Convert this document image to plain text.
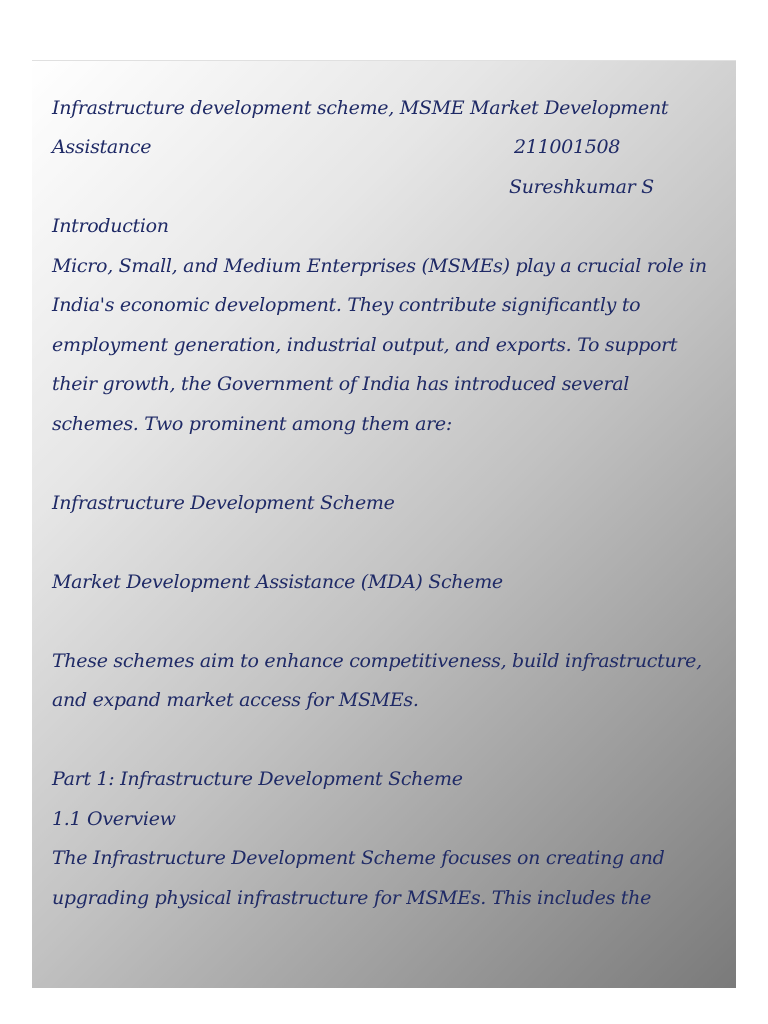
Infrastructure development scheme, MSME Market Development
Assistance	211001508
Sureshkumar S
Introduction
Micro, Small, and Medium Enterprises (MSMEs) play a crucial role in
India's economic development. They contribute significantly to
employment generation, industrial output, and exports. To support
their growth, the Government of India has introduced several
schemes. Two prominent among them are:
Infrastructure Development Scheme
Market Development Assistance (MDA) Scheme
These schemes aim to enhance competitiveness, build infrastructure,
and expand market access for MSMEs.
Part 1: Infrastructure Development Scheme
1.1 Overview
The Infrastructure Development Scheme focuses on creating and
upgrading physical infrastructure for MSMEs. This includes the
